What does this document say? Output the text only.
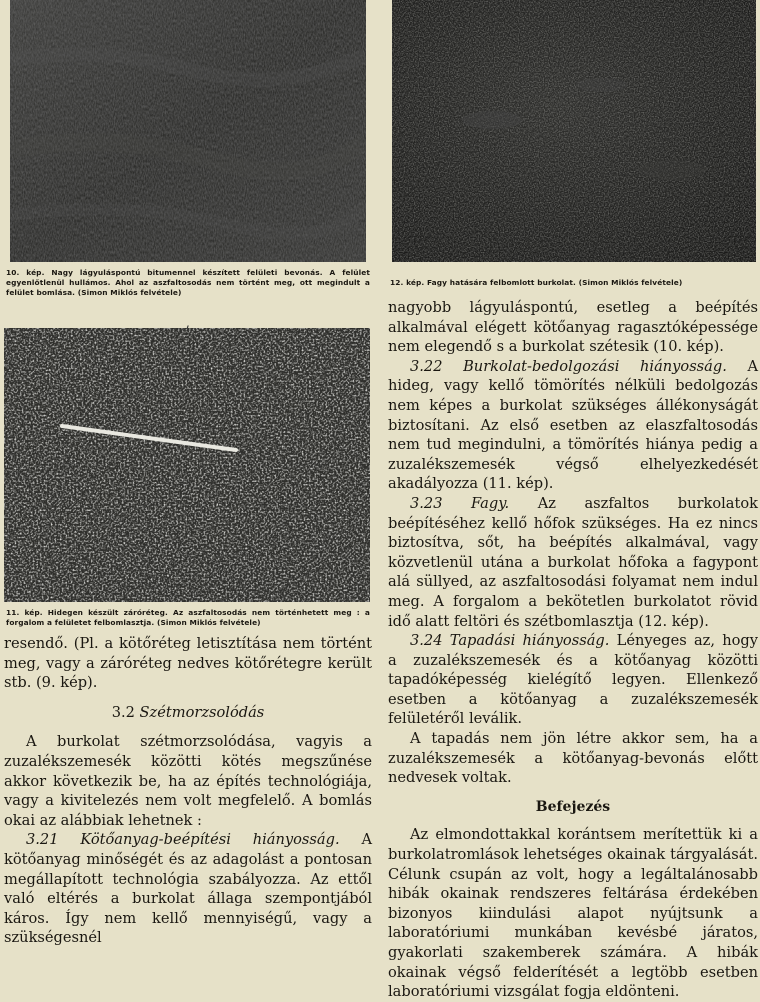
10. kép. Nagy lágyuláspontú bitumennel készített felületi bevonás. A felület egyenlőtlenül hullámos. Ahol az aszfaltosodás nem történt meg, ott megindult a felület bomlása. (Simon Miklós felvétele)

11. kép. Hidegen készült záróréteg. Az aszfaltosodás nem történhetett meg : a forgalom a felületet felbomlasztja. (Simon Miklós felvétele)

resendő. (Pl. a kötőréteg letisztítása nem történt meg, vagy a záróréteg nedves kötőrétegre került stb. (9. kép).

3.2 Szétmorzsolódás

A burkolat szétmorzsolódása, vagyis a zuzalékszemesék közötti kötés megszűnése akkor következik be, ha az építés technológiája, vagy a kivitelezés nem volt megfelelő. A bomlás okai az alábbiak lehetnek :

3.21 Kötőanyag-beépítési hiányosság. A kötőanyag minőségét és az adagolást a pontosan megállapított technológia szabályozza. Az ettől való eltérés a burkolat állaga szempontjából káros. Így nem kellő mennyiségű, vagy a szükségesnél

12. kép. Fagy hatására felbomlott burkolat. (Simon Miklós felvétele)

nagyobb lágyuláspontú, esetleg a beépítés alkalmával elégett kötőanyag ragasztóképessége nem elegendő s a burkolat szétesik (10. kép).

3.22 Burkolat-bedolgozási hiányosság. A hideg, vagy kellő tömörítés nélküli bedolgozás nem képes a burkolat szükséges állékonyságát biztosítani. Az első esetben az elaszfaltosodás nem tud megindulni, a tömörítés hiánya pedig a zuzalékszemesék végső elhelyezkedését akadályozza (11. kép).

3.23 Fagy. Az aszfaltos burkolatok beépítéséhez kellő hőfok szükséges. Ha ez nincs biztosítva, sőt, ha beépítés alkalmával, vagy közvetlenül utána a burkolat hőfoka a fagypont alá süllyed, az aszfaltosodási folyamat nem indul meg. A forgalom a bekötetlen burkolatot rövid idő alatt feltöri és szétbomlasztja (12. kép).

3.24 Tapadási hiányosság. Lényeges az, hogy a zuzalékszemesék és a kötőanyag közötti tapadóképesség kielégítő legyen. Ellenkező esetben a kötőanyag a zuzalékszemesék felületéről leválik.

A tapadás nem jön létre akkor sem, ha a zuzalékszemesék a kötőanyag-bevonás előtt nedvesek voltak.

Befejezés

Az elmondottakkal korántsem merítettük ki a burkolatromlások lehetséges okainak tárgyalását. Célunk csupán az volt, hogy a legáltalánosabb hibák okainak rendszeres feltárása érdekében bizonyos kiindulási alapot nyújtsunk a laboratóriumi munkában kevésbé járatos, gyakorlati szakemberek számára. A hibák okainak végső felderítését a legtöbb esetben laboratóriumi vizsgálat fogja eldönteni.
